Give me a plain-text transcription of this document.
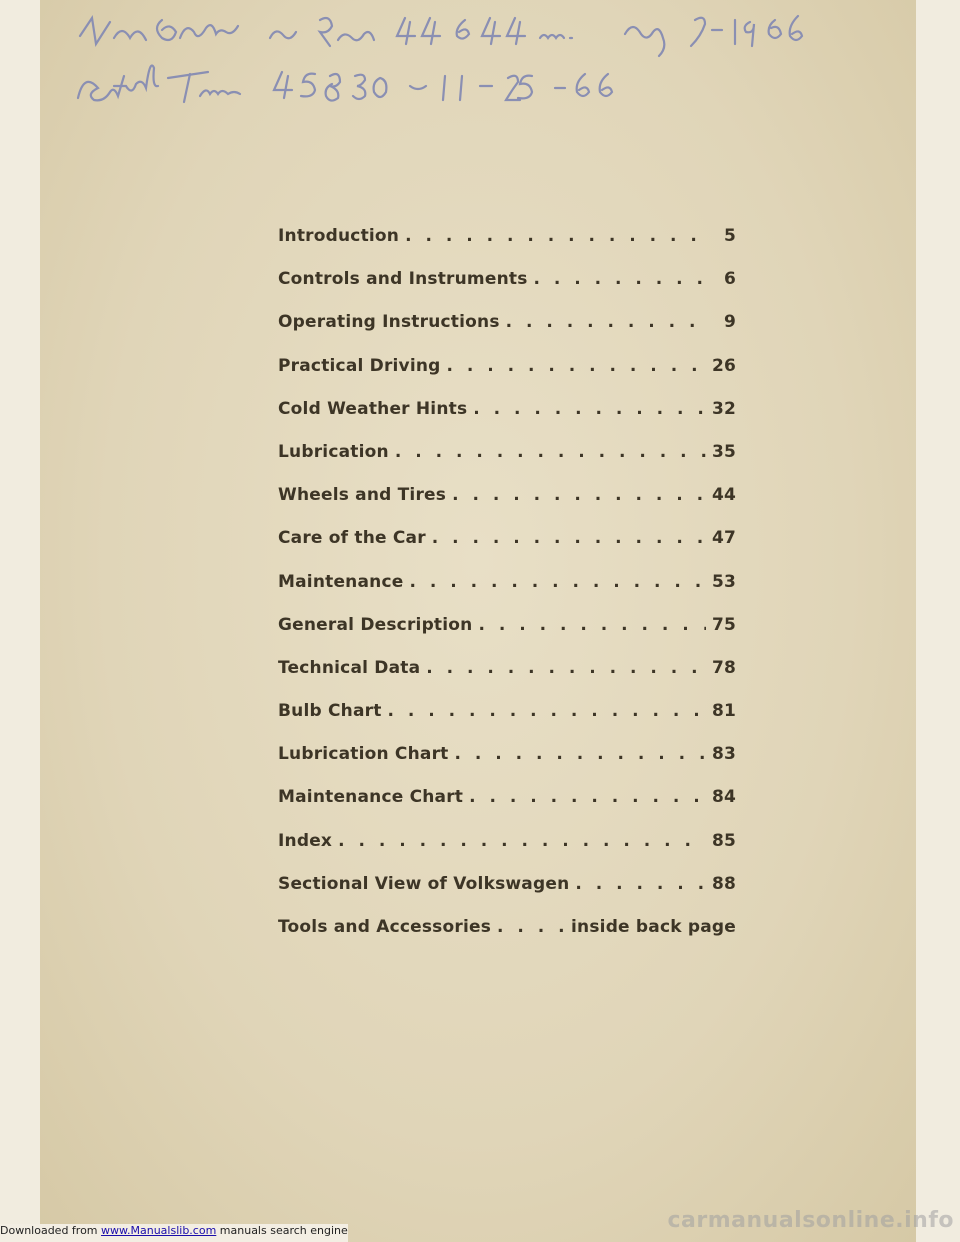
Introduction . . .	5
Controls and Instruments . . .	6
Operating Instructions . . .	9
Practical Driving . . .	26
Cold Weather Hints . . .	32
Lubrication . . .	35
Wheels and Tires . . .	44
Care of the Car . . .	47
Maintenance . . .	53
General Description . . .	75
Technical Data . . .	78
Bulb Chart . . .	81
Lubrication Chart . . .	83
Maintenance Chart . . .	84
Index . . .	85
Sectional View of Volkswagen . . .	88
Tools and Accessories . . .	inside back page
Downloaded from www.Manualslib.com manuals search engine	carmanualsonline.info
